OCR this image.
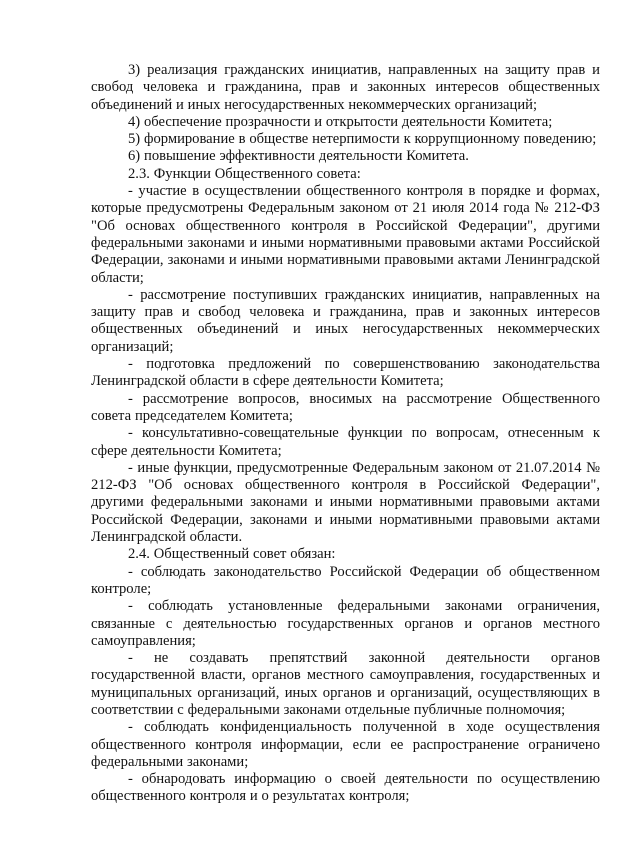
3) реализация гражданских инициатив, направленных на защиту прав и свобод человека и гражданина, прав и законных интересов общественных объединений и иных негосударственных некоммерческих организаций;

4) обеспечение прозрачности и открытости деятельности Комитета;

5) формирование в обществе нетерпимости к коррупционному поведению;

6) повышение эффективности деятельности Комитета.

2.3. Функции Общественного совета:

- участие в осуществлении общественного контроля в порядке и формах, которые предусмотрены Федеральным законом от 21 июля 2014 года № 212-ФЗ "Об основах общественного контроля в Российской Федерации", другими федеральными законами и иными нормативными правовыми актами Российской Федерации, законами и иными нормативными правовыми актами Ленинградской области;

- рассмотрение поступивших гражданских инициатив, направленных на защиту прав и свобод человека и гражданина, прав и законных интересов общественных объединений и иных негосударственных некоммерческих организаций;

- подготовка предложений по совершенствованию законодательства Ленинградской области в сфере деятельности Комитета;

- рассмотрение вопросов, вносимых на рассмотрение Общественного совета председателем Комитета;

- консультативно-совещательные функции по вопросам, отнесенным к сфере деятельности Комитета;

- иные функции, предусмотренные Федеральным законом от 21.07.2014 № 212-ФЗ "Об основах общественного контроля в Российской Федерации", другими федеральными законами и иными нормативными правовыми актами Российской Федерации, законами и иными нормативными правовыми актами Ленинградской области.

2.4. Общественный совет обязан:

- соблюдать законодательство Российской Федерации об общественном контроле;

- соблюдать установленные федеральными законами ограничения, связанные с деятельностью государственных органов и органов местного самоуправления;

- не создавать препятствий законной деятельности органов государственной власти, органов местного самоуправления, государственных и муниципальных организаций, иных органов и организаций, осуществляющих в соответствии с федеральными законами отдельные публичные полномочия;

- соблюдать конфиденциальность полученной в ходе осуществления общественного контроля информации, если ее распространение ограничено федеральными законами;

- обнародовать информацию о своей деятельности по осуществлению общественного контроля и о результатах контроля;
